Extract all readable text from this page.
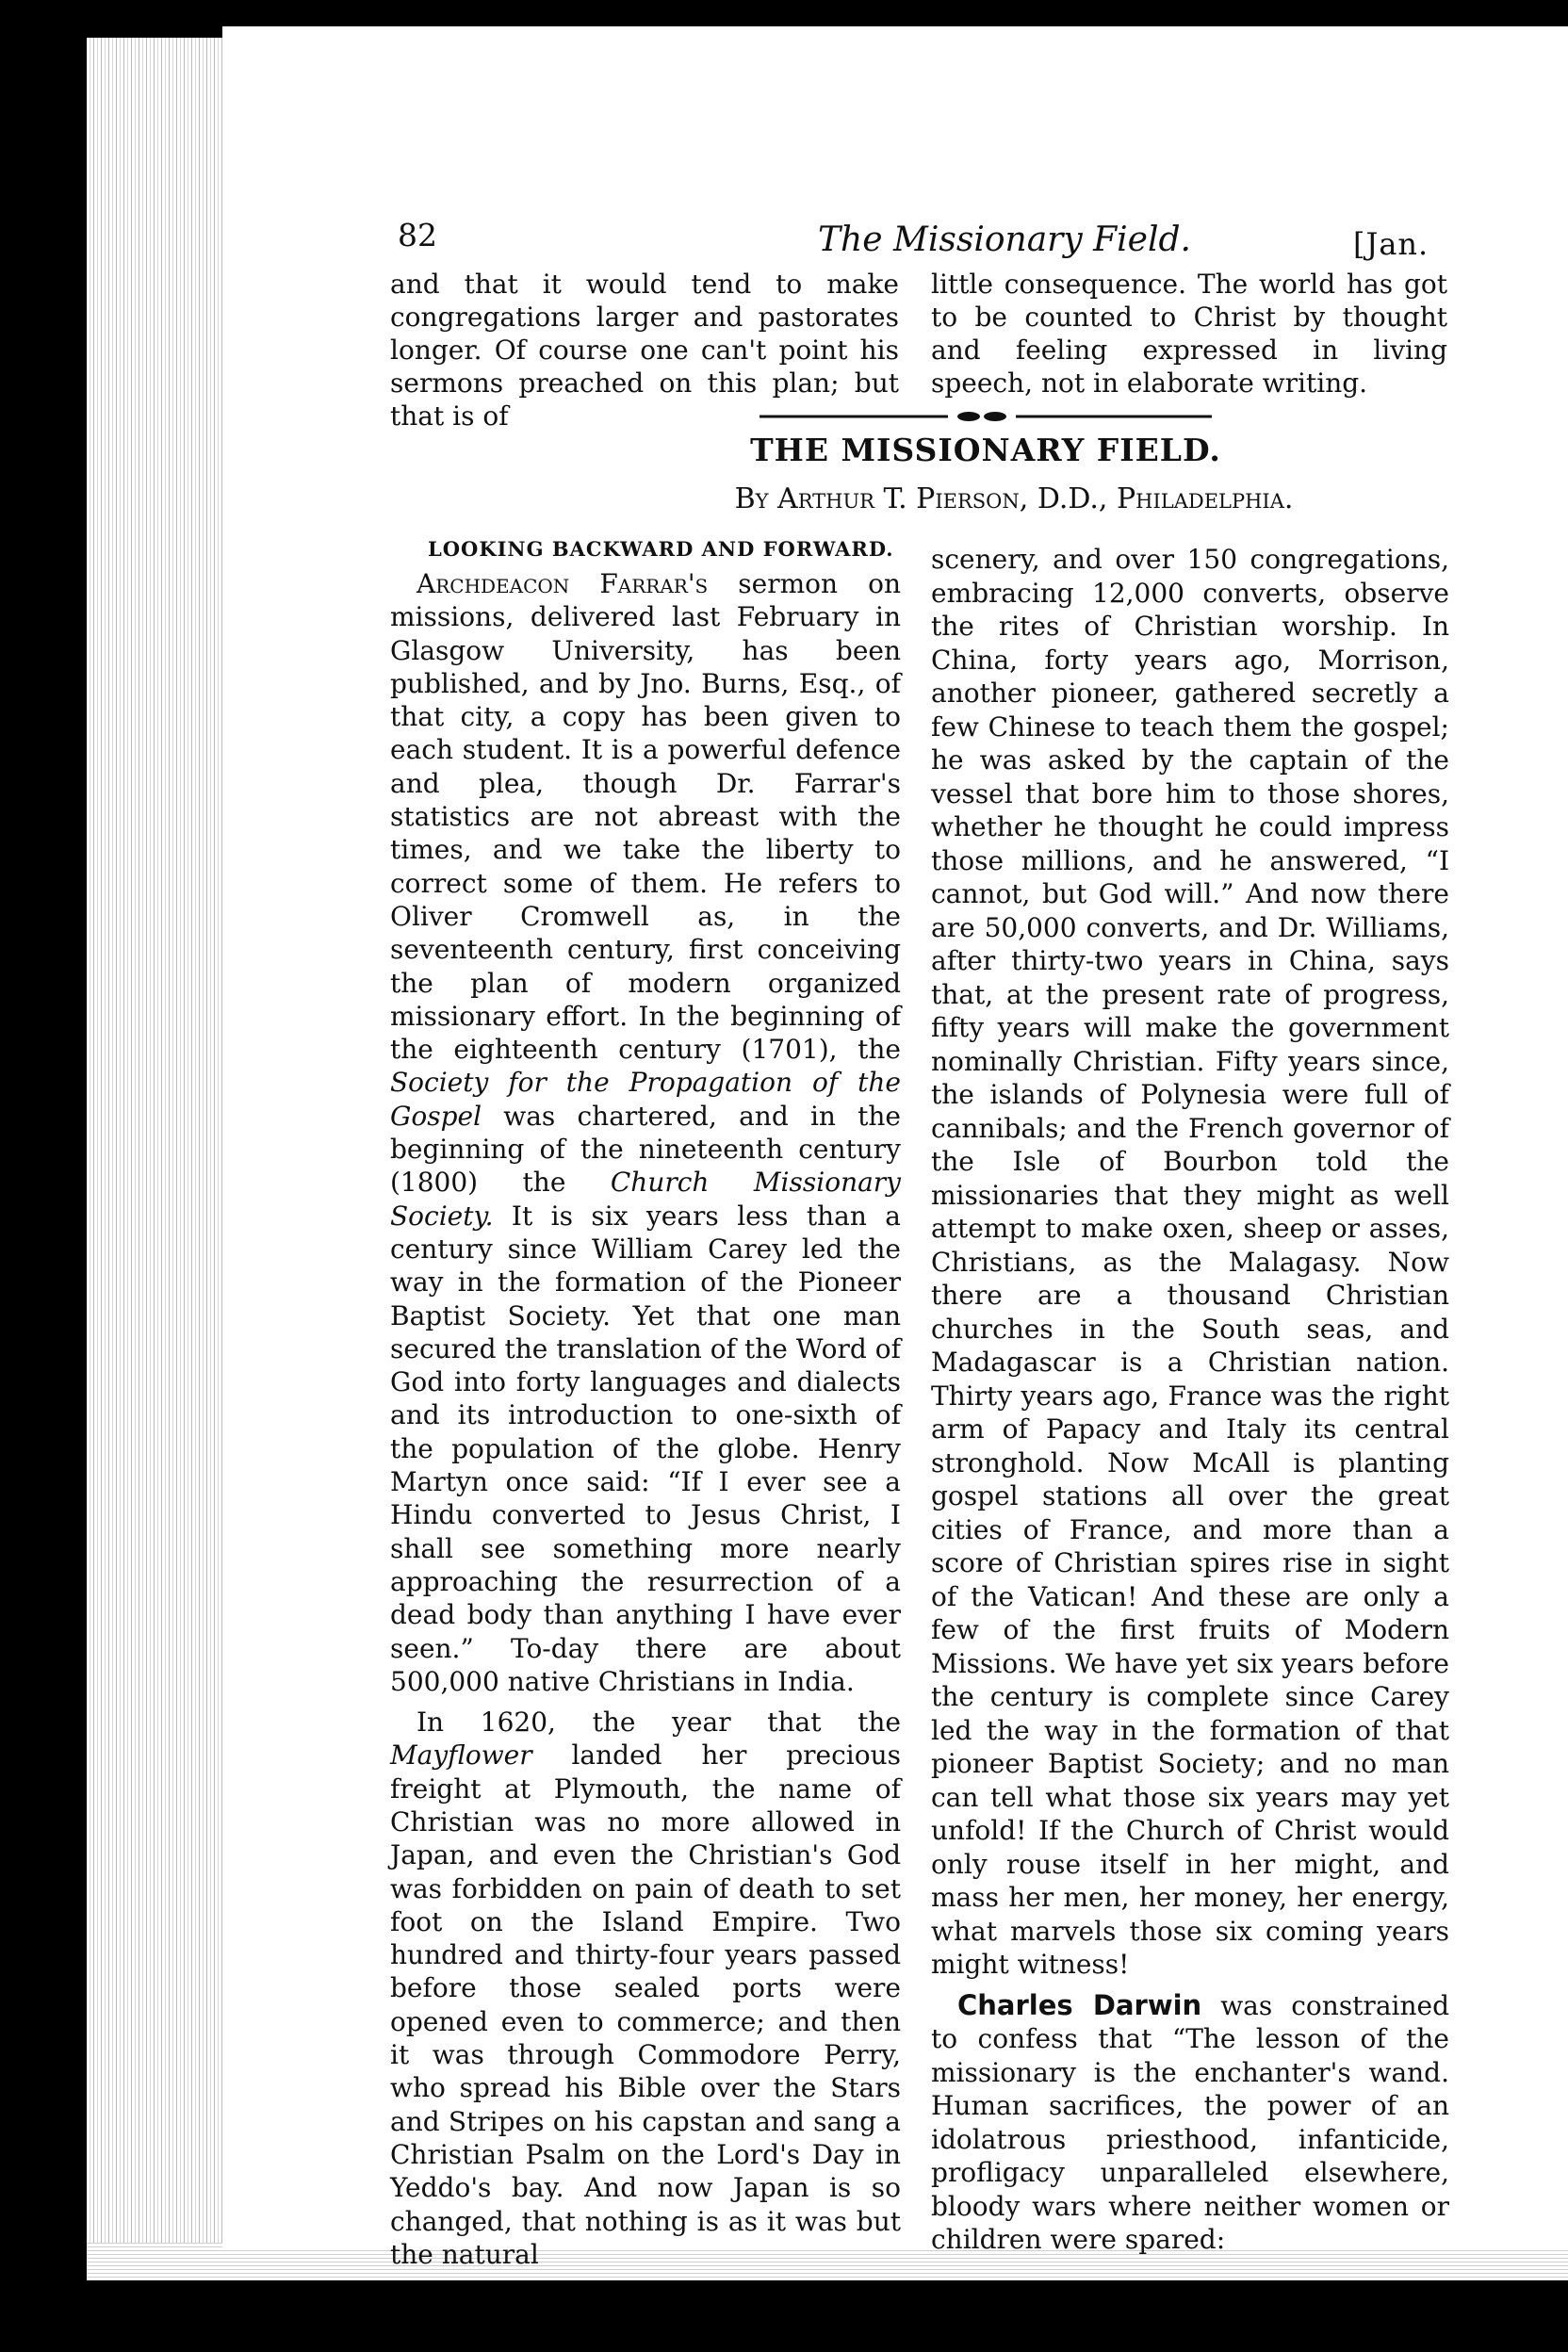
82	The Missionary Field.	[Jan.

and that it would tend to make congregations larger and pastorates longer. Of course one can't point his sermons preached on this plan; but that is of

little consequence. The world has got to be counted to Christ by thought and feeling expressed in living speech, not in elaborate writing.

THE MISSIONARY FIELD.
By Arthur T. Pierson, D.D., Philadelphia.
LOOKING BACKWARD AND FORWARD.

Archdeacon Farrar's sermon on missions, delivered last February in Glasgow University, has been published, and by Jno. Burns, Esq., of that city, a copy has been given to each student. It is a powerful defence and plea, though Dr. Farrar's statistics are not abreast with the times, and we take the liberty to correct some of them. He refers to Oliver Cromwell as, in the seventeenth century, first conceiving the plan of modern organized missionary effort. In the beginning of the eighteenth century (1701), the Society for the Propagation of the Gospel was chartered, and in the beginning of the nineteenth century (1800) the Church Missionary Society. It is six years less than a century since William Carey led the way in the formation of the Pioneer Baptist Society. Yet that one man secured the translation of the Word of God into forty languages and dialects and its introduction to one-sixth of the population of the globe. Henry Martyn once said: “If I ever see a Hindu converted to Jesus Christ, I shall see something more nearly approaching the resurrection of a dead body than anything I have ever seen.” To-day there are about 500,000 native Christians in India.

In 1620, the year that the Mayflower landed her precious freight at Plymouth, the name of Christian was no more allowed in Japan, and even the Christian's God was forbidden on pain of death to set foot on the Island Empire. Two hundred and thirty-four years passed before those sealed ports were opened even to commerce; and then it was through Commodore Perry, who spread his Bible over the Stars and Stripes on his capstan and sang a Christian Psalm on the Lord's Day in Yeddo's bay. And now Japan is so changed, that nothing is as it was but the natural

scenery, and over 150 congregations, embracing 12,000 converts, observe the rites of Christian worship. In China, forty years ago, Morrison, another pioneer, gathered secretly a few Chinese to teach them the gospel; he was asked by the captain of the vessel that bore him to those shores, whether he thought he could impress those millions, and he answered, “I cannot, but God will.” And now there are 50,000 converts, and Dr. Williams, after thirty-two years in China, says that, at the present rate of progress, fifty years will make the government nominally Christian. Fifty years since, the islands of Polynesia were full of cannibals; and the French governor of the Isle of Bourbon told the missionaries that they might as well attempt to make oxen, sheep or asses, Christians, as the Malagasy. Now there are a thousand Christian churches in the South seas, and Madagascar is a Christian nation. Thirty years ago, France was the right arm of Papacy and Italy its central stronghold. Now McAll is planting gospel stations all over the great cities of France, and more than a score of Christian spires rise in sight of the Vatican! And these are only a few of the first fruits of Modern Missions. We have yet six years before the century is complete since Carey led the way in the formation of that pioneer Baptist Society; and no man can tell what those six years may yet unfold! If the Church of Christ would only rouse itself in her might, and mass her men, her money, her energy, what marvels those six coming years might witness!

Charles Darwin was constrained to confess that “The lesson of the missionary is the enchanter's wand. Human sacrifices, the power of an idolatrous priesthood, infanticide, profligacy unparalleled elsewhere, bloody wars where neither women or children were spared:
